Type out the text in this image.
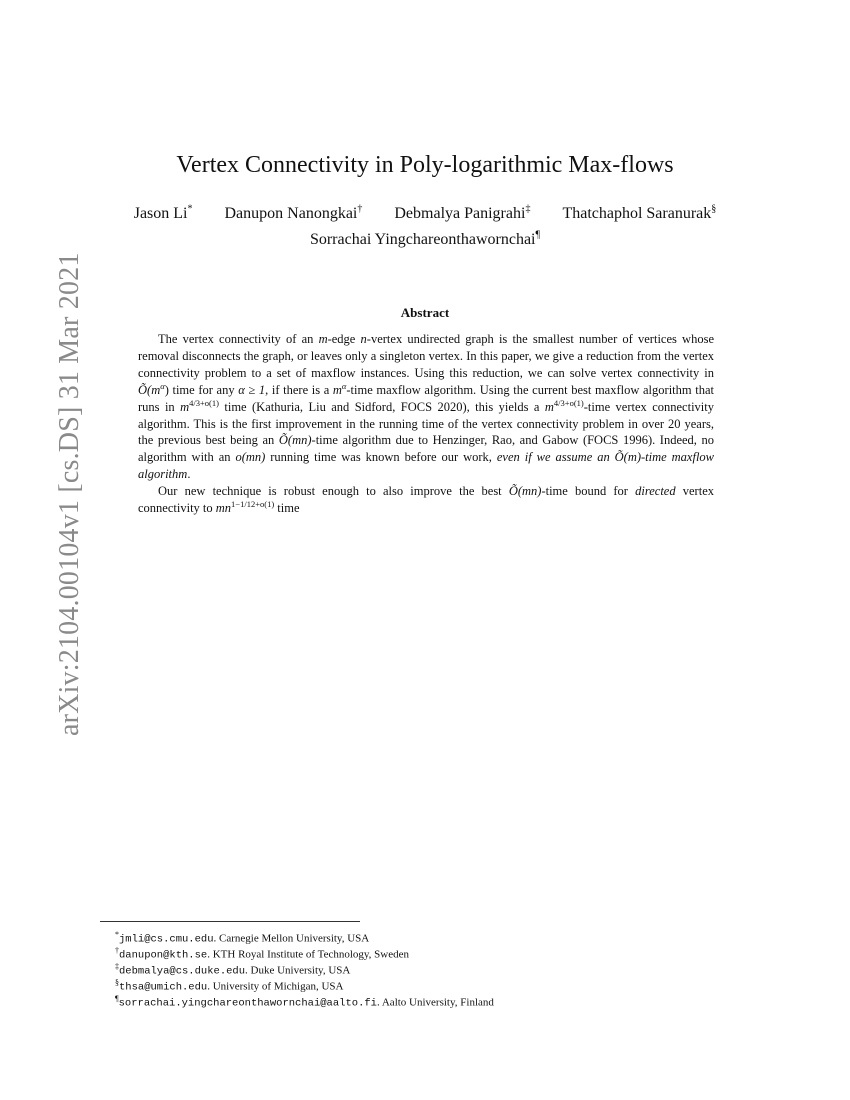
arXiv:2104.00104v1 [cs.DS] 31 Mar 2021
Vertex Connectivity in Poly-logarithmic Max-flows
Jason Li* Danupon Nanongkai† Debmalya Panigrahi‡ Thatchaphol Saranurak§
Sorrachai Yingchareonthawornchai¶
Abstract

The vertex connectivity of an m-edge n-vertex undirected graph is the smallest number of vertices whose removal disconnects the graph, or leaves only a singleton vertex. In this paper, we give a reduction from the vertex connectivity problem to a set of maxflow instances. Using this reduction, we can solve vertex connectivity in $Õ(m^\alpha)$ time for any α ≥ 1, if there is a $m^\alpha$-time maxflow algorithm. Using the current best maxflow algorithm that runs in $m^{4/3+o(1)}$ time (Kathuria, Liu and Sidford, FOCS 2020), this yields a $m^{4/3+o(1)}$-time vertex connectivity algorithm. This is the first improvement in the running time of the vertex connectivity problem in over 20 years, the previous best being an Õ(mn)-time algorithm due to Henzinger, Rao, and Gabow (FOCS 1996). Indeed, no algorithm with an o(mn) running time was known before our work, even if we assume an Õ(m)-time maxflow algorithm.

Our new technique is robust enough to also improve the best Õ(mn)-time bound for directed vertex connectivity to $mn^{1-1/12+o(1)}$ time

*jmli@cs.cmu.edu. Carnegie Mellon University, USA
†danupon@kth.se. KTH Royal Institute of Technology, Sweden
‡debmalya@cs.duke.edu. Duke University, USA
§thsa@umich.edu. University of Michigan, USA
¶sorrachai.yingchareonthawornchai@aalto.fi. Aalto University, Finland
